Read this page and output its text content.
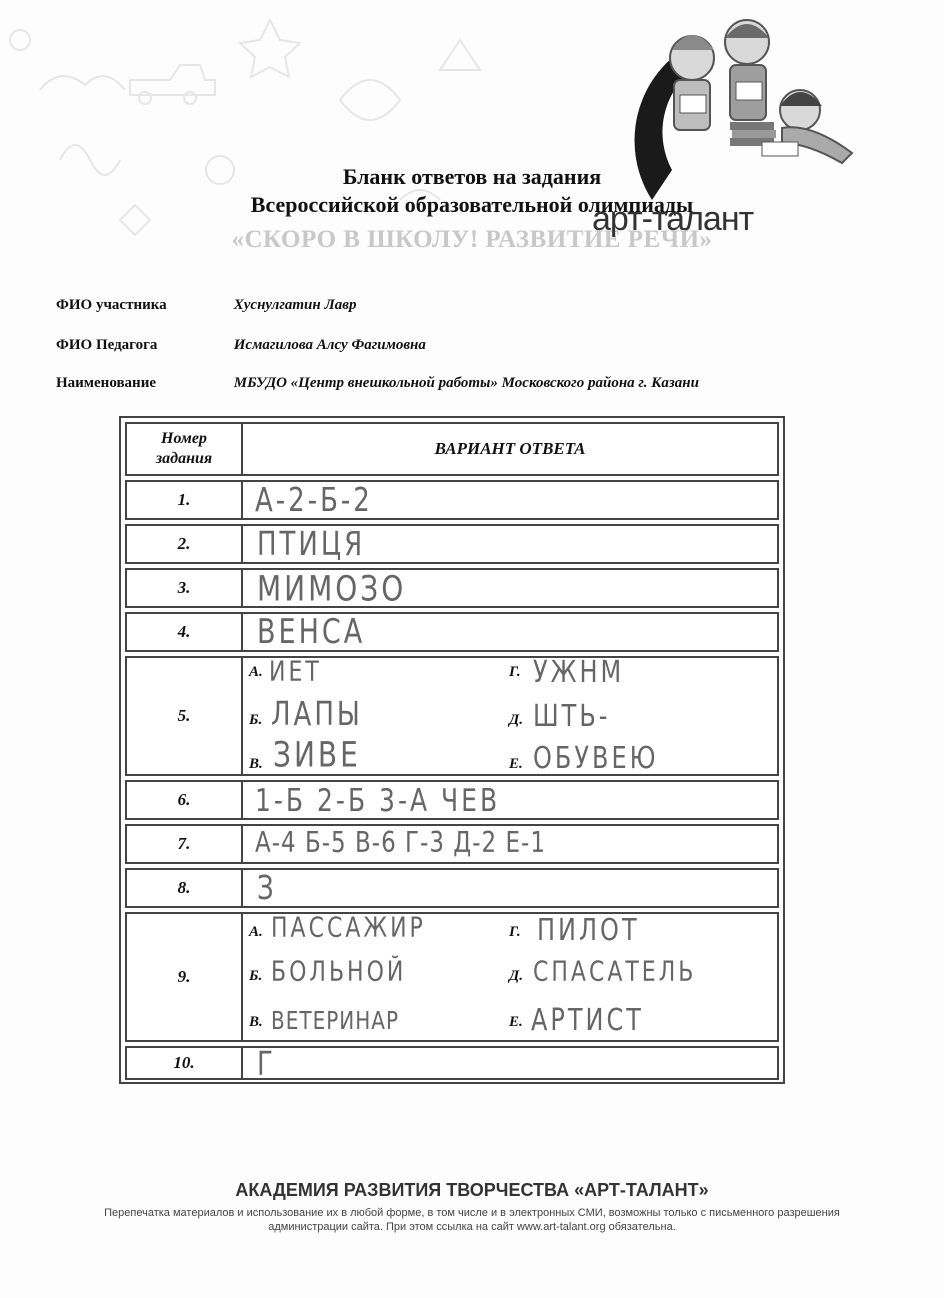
арт-талант
Бланк ответов на задания
Всероссийской образовательной олимпиады
«СКОРО В ШКОЛУ! РАЗВИТИЕ РЕЧИ»
ФИО участника	Хуснулгатин Лавр
ФИО Педагога	Исмагилова Алсу Фагимовна
Наименование	МБУДО «Центр внешкольной работы» Московского района г. Казани
Номер
задания
ВАРИАНТ ОТВЕТА
1.	А-2-Б-2
2.	ПТИЦЯ
3.	МИМОЗО
4.	ВЕНСА
5.
А. ИЕТ	Г. УЖНМ
Б. ЛАПЫ	Д. ШТЬ-
В. ЗИВЕ	Е. ОБУВЕЮ
6.	1-Б 2-Б 3-А ЧЕВ
7.	А-4 Б-5 В-6 Г-3 Д-2 Е-1
8.	З
9.
А. ПАССАЖИР	Г. ПИЛОТ
Б. БОЛЬНОЙ	Д. СПАСАТЕЛЬ
В. ВЕТЕРИНАР	Е. АРТИСТ
10.	Г
АКАДЕМИЯ РАЗВИТИЯ ТВОРЧЕСТВА «АРТ-ТАЛАНТ»
Перепечатка материалов и использование их в любой форме, в том числе и в электронных СМИ, возможны только с письменного разрешения администрации сайта. При этом ссылка на сайт www.art-talant.org обязательна.
